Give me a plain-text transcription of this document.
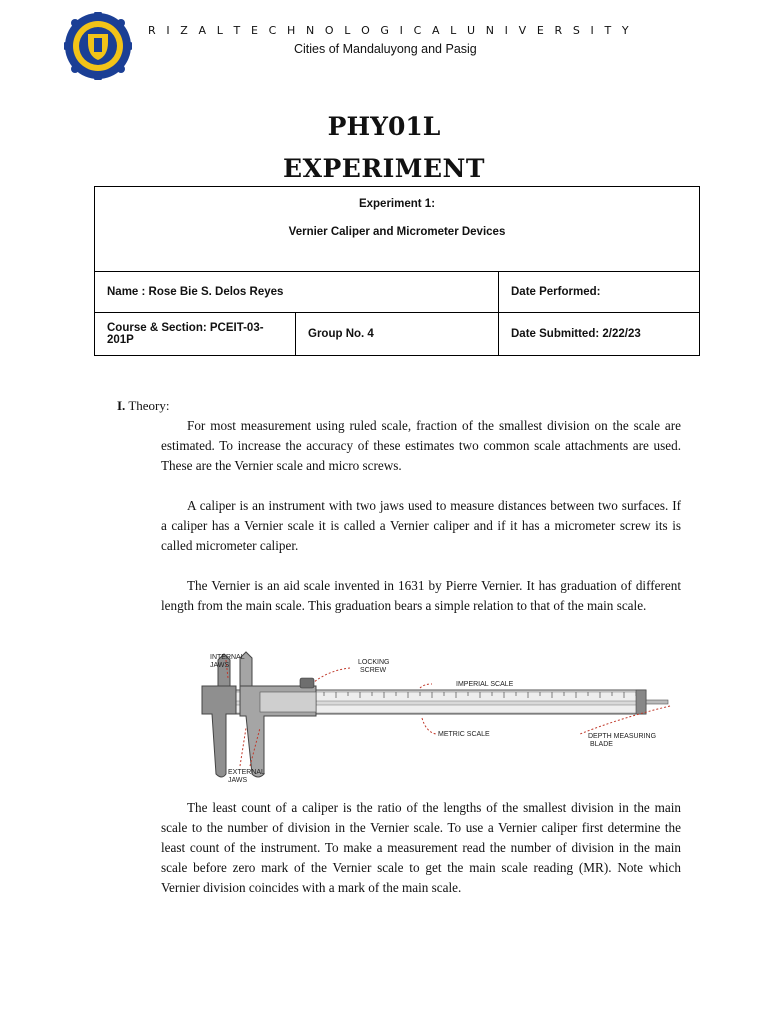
R I Z A L T E C H N O L O G I C A L U N I V E R S I T Y
Cities of Mandaluyong and Pasig
PHY01L
EXPERIMENT
Experiment 1:
Vernier Caliper and Micrometer Devices		
Name : Rose Bie S. Delos Reyes		Date Performed:
Course & Section: PCEIT-03-201P	Group No. 4	Date Submitted: 2/22/23
I. Theory:

For most measurement using ruled scale, fraction of the smallest division on the scale are estimated. To increase the accuracy of these estimates two common scale attachments are used. These are the Vernier scale and micro screws.

A caliper is an instrument with two jaws used to measure distances between two surfaces. If a caliper has a Vernier scale it is called a Vernier caliper and if it has a micrometer screw its is called micrometer caliper.

The Vernier is an aid scale invented in 1631 by Pierre Vernier. It has graduation of different length from the main scale. This graduation bears a simple relation to that of the main scale.

INTERNAL
JAWS	LOCKING
SCREW
IMPERIAL SCALE
METRIC SCALE	DEPTH MEASURING
BLADE
EXTERNAL
JAWS

The least count of a caliper is the ratio of the lengths of the smallest division in the main scale to the number of division in the Vernier scale. To use a Vernier caliper first determine the least count of the instrument. To make a measurement read the number of division in the main scale before zero mark of the Vernier scale to get the main scale reading (MR). Note which Vernier division coincides with a mark of the main scale.
